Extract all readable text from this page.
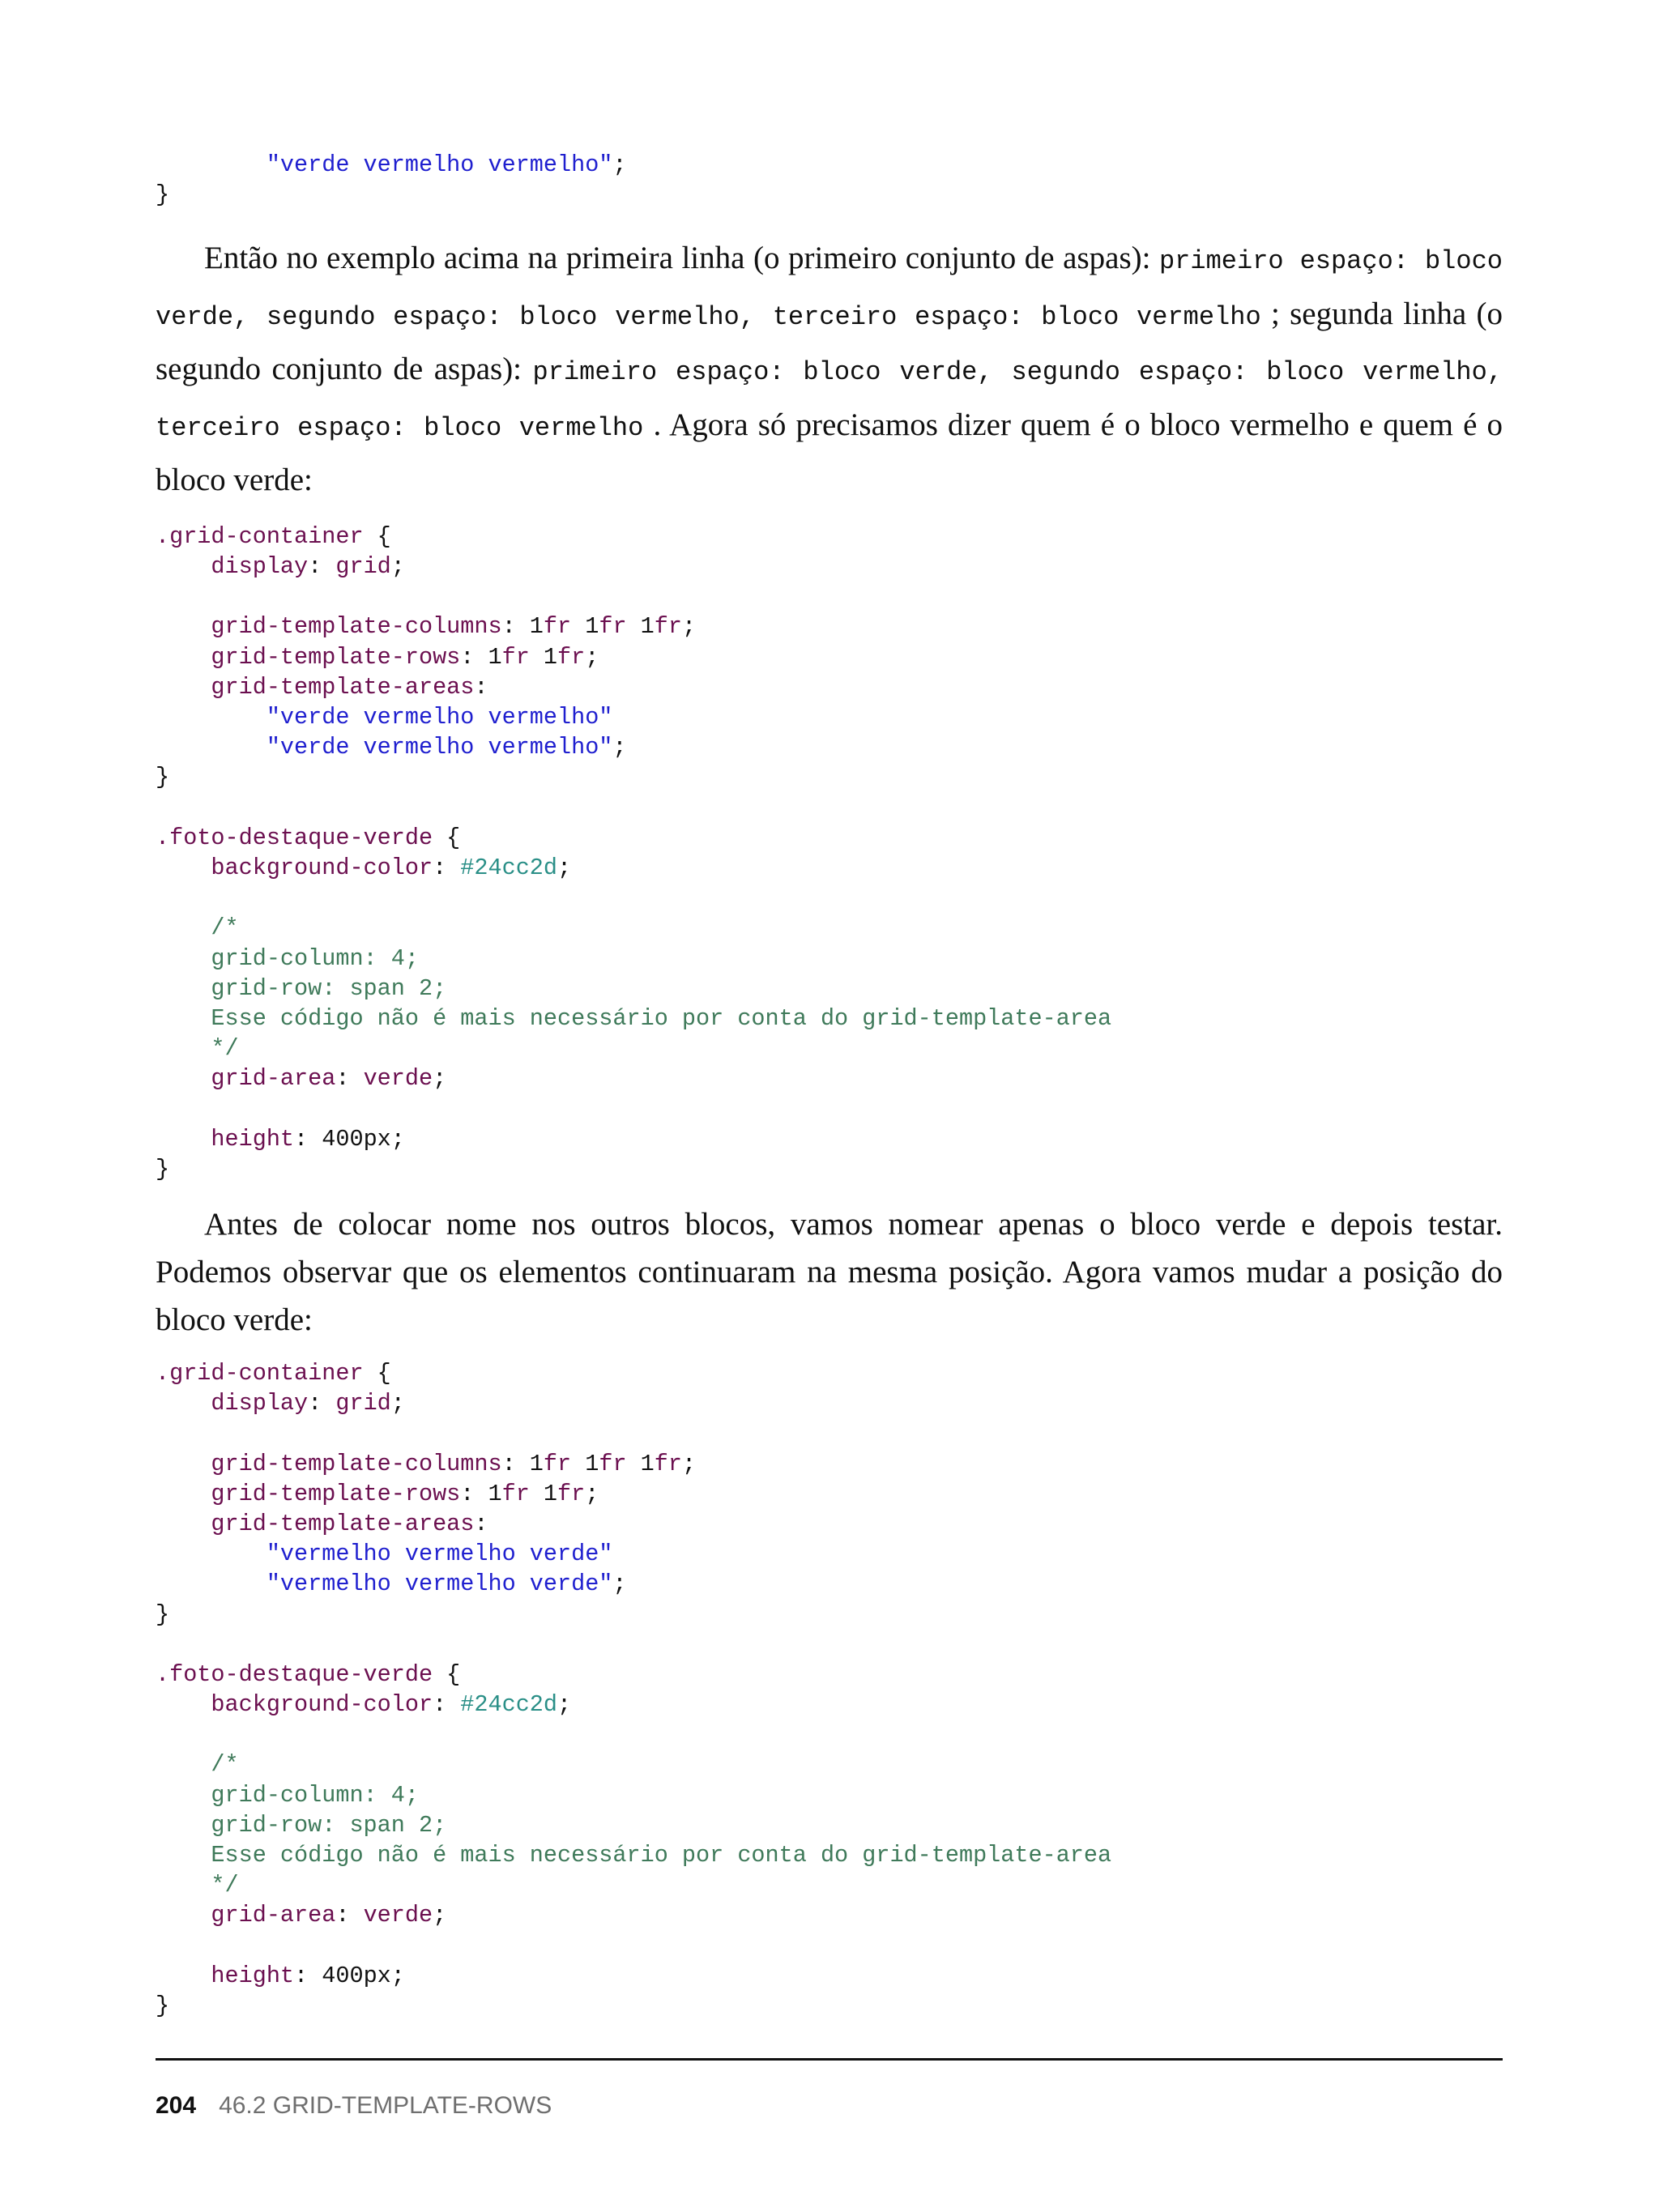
"verde vermelho vermelho";
}

Então no exemplo acima na primeira linha (o primeiro conjunto de aspas): primeiro espaço: bloco verde, segundo espaço: bloco vermelho, terceiro espaço: bloco vermelho ; segunda linha (o segundo conjunto de aspas): primeiro espaço: bloco verde, segundo espaço: bloco vermelho, terceiro espaço: bloco vermelho . Agora só precisamos dizer quem é o bloco vermelho e quem é o bloco verde:

.grid-container {
display: grid;

grid-template-columns: 1fr 1fr 1fr;
grid-template-rows: 1fr 1fr;
grid-template-areas:
"verde vermelho vermelho"
"verde vermelho vermelho";
}

.foto-destaque-verde {
background-color: #24cc2d;

/*
grid-column: 4;
grid-row: span 2;
Esse código não é mais necessário por conta do grid-template-area
*/
grid-area: verde;

height: 400px;
}

Antes de colocar nome nos outros blocos, vamos nomear apenas o bloco verde e depois testar. Podemos observar que os elementos continuaram na mesma posição. Agora vamos mudar a posição do bloco verde:

.grid-container {
display: grid;

grid-template-columns: 1fr 1fr 1fr;
grid-template-rows: 1fr 1fr;
grid-template-areas:
"vermelho vermelho verde"
"vermelho vermelho verde";
}

.foto-destaque-verde {
background-color: #24cc2d;

/*
grid-column: 4;
grid-row: span 2;
Esse código não é mais necessário por conta do grid-template-area
*/
grid-area: verde;

height: 400px;
}
204 46.2 GRID-TEMPLATE-ROWS
